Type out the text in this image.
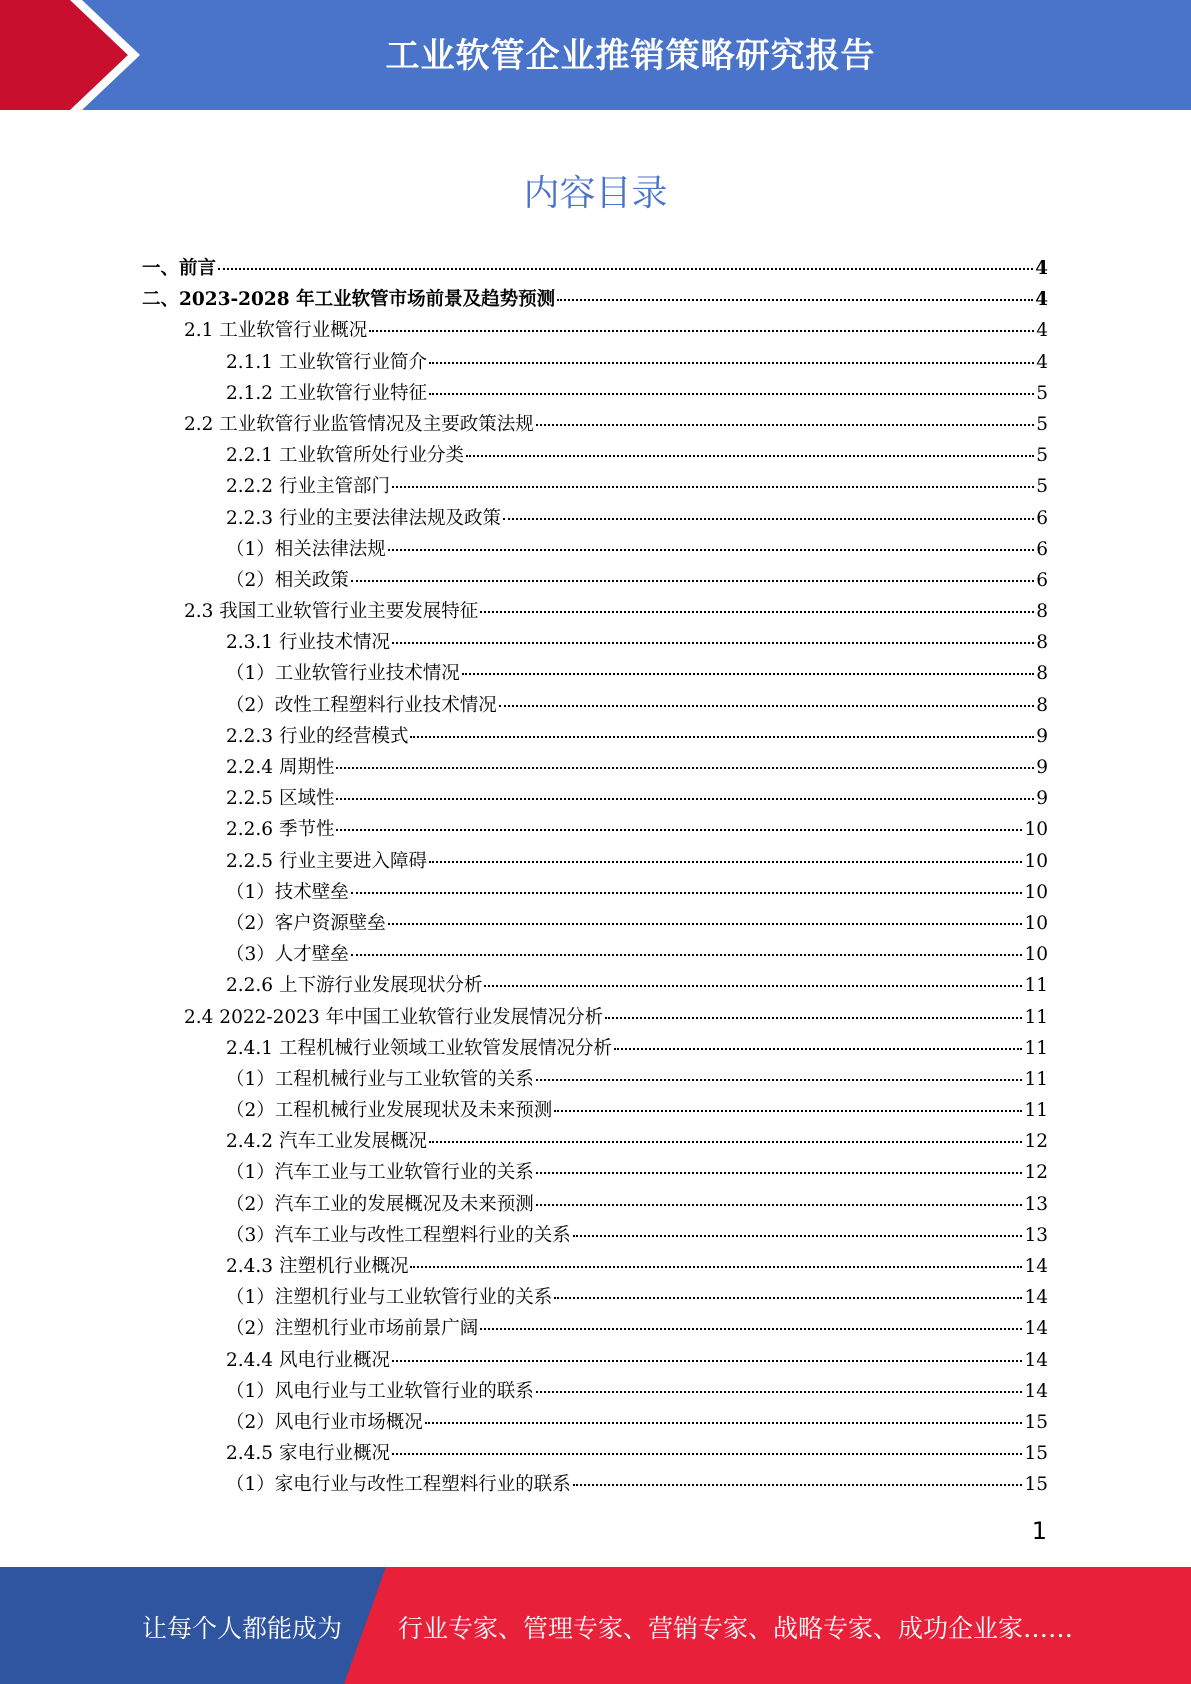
工业软管企业推销策略研究报告
内容目录
一、前言	4
二、2023-2028 年工业软管市场前景及趋势预测	4
2.1 工业软管行业概况	4
2.1.1 工业软管行业简介	4
2.1.2 工业软管行业特征	5
2.2 工业软管行业监管情况及主要政策法规	5
2.2.1 工业软管所处行业分类	5
2.2.2 行业主管部门	5
2.2.3 行业的主要法律法规及政策	6
（1）相关法律法规	6
（2）相关政策	6
2.3 我国工业软管行业主要发展特征	8
2.3.1 行业技术情况	8
（1）工业软管行业技术情况	8
（2）改性工程塑料行业技术情况	8
2.2.3 行业的经营模式	9
2.2.4 周期性	9
2.2.5 区域性	9
2.2.6 季节性	10
2.2.5 行业主要进入障碍	10
（1）技术壁垒	10
（2）客户资源壁垒	10
（3）人才壁垒	10
2.2.6 上下游行业发展现状分析	11
2.4 2022-2023 年中国工业软管行业发展情况分析	11
2.4.1 工程机械行业领域工业软管发展情况分析	11
（1）工程机械行业与工业软管的关系	11
（2）工程机械行业发展现状及未来预测	11
2.4.2 汽车工业发展概况	12
（1）汽车工业与工业软管行业的关系	12
（2）汽车工业的发展概况及未来预测	13
（3）汽车工业与改性工程塑料行业的关系	13
2.4.3 注塑机行业概况	14
（1）注塑机行业与工业软管行业的关系	14
（2）注塑机行业市场前景广阔	14
2.4.4 风电行业概况	14
（1）风电行业与工业软管行业的联系	14
（2）风电行业市场概况	15
2.4.5 家电行业概况	15
（1）家电行业与改性工程塑料行业的联系	15
1
让每个人都能成为 行业专家、管理专家、营销专家、战略专家、成功企业家……
